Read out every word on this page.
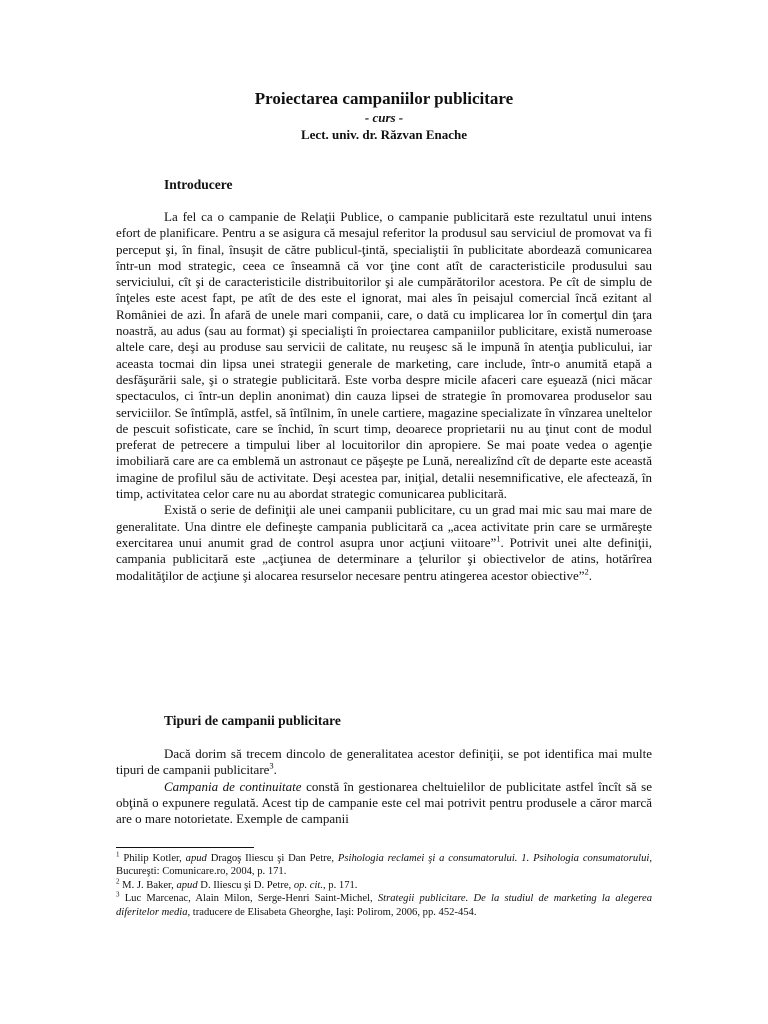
Proiectarea campaniilor publicitare
- curs -
Lect. univ. dr. Răzvan Enache
Introducere

La fel ca o campanie de Relaţii Publice, o campanie publicitară este rezultatul unui intens efort de planificare. Pentru a se asigura că mesajul referitor la produsul sau serviciul de promovat va fi perceput şi, în final, însuşit de către publicul-ţintă, specialiştii în publicitate abordează comunicarea într-un mod strategic, ceea ce înseamnă că vor ţine cont atît de caracteristicile produsului sau serviciului, cît şi de caracteristicile distribuitorilor şi ale cumpărătorilor acestora. Pe cît de simplu de înţeles este acest fapt, pe atît de des este el ignorat, mai ales în peisajul comercial încă ezitant al României de azi. În afară de unele mari companii, care, o dată cu implicarea lor în comerţul din ţara noastră, au adus (sau au format) şi specialişti în proiectarea campaniilor publicitare, există numeroase altele care, deşi au produse sau servicii de calitate, nu reuşesc să le impună în atenţia publicului, iar aceasta tocmai din lipsa unei strategii generale de marketing, care include, într-o anumită etapă a desfăşurării sale, şi o strategie publicitară. Este vorba despre micile afaceri care eşuează (nici măcar spectaculos, ci într-un deplin anonimat) din cauza lipsei de strategie în promovarea produselor sau serviciilor. Se întîmplă, astfel, să întîlnim, în unele cartiere, magazine specializate în vînzarea uneltelor de pescuit sofisticate, care se închid, în scurt timp, deoarece proprietarii nu au ţinut cont de modul preferat de petrecere a timpului liber al locuitorilor din apropiere. Se mai poate vedea o agenţie imobiliară care are ca emblemă un astronaut ce păşeşte pe Lună, nerealizînd cît de departe este această imagine de profilul său de activitate. Deşi acestea par, iniţial, detalii nesemnificative, ele afectează, în timp, activitatea celor care nu au abordat strategic comunicarea publicitară.

Există o serie de definiţii ale unei campanii publicitare, cu un grad mai mic sau mai mare de generalitate. Una dintre ele defineşte campania publicitară ca „acea activitate prin care se urmăreşte exercitarea unui anumit grad de control asupra unor acţiuni viitoare”$^1$. Potrivit unei alte definiţii, campania publicitară este „acţiunea de determinare a ţelurilor şi obiectivelor de atins, hotărîrea modalităţilor de acţiune şi alocarea resurselor necesare pentru atingerea acestor obiective”$^2$.

Tipuri de campanii publicitare

Dacă dorim să trecem dincolo de generalitatea acestor definiţii, se pot identifica mai multe tipuri de campanii publicitare$^3$.

Campania de continuitate constă în gestionarea cheltuielilor de publicitate astfel încît să se obţină o expunere regulată. Acest tip de campanie este cel mai potrivit pentru produsele a căror marcă are o mare notorietate. Exemple de campanii

$^1$ Philip Kotler, apud Dragoş Iliescu şi Dan Petre, Psihologia reclamei şi a consumatorului. 1. Psihologia consumatorului, Bucureşti: Comunicare.ro, 2004, p. 171.

$^2$ M. J. Baker, apud D. Iliescu şi D. Petre, op. cit., p. 171.

$^3$ Luc Marcenac, Alain Milon, Serge-Henri Saint-Michel, Strategii publicitare. De la studiul de marketing la alegerea diferitelor media, traducere de Elisabeta Gheorghe, Iaşi: Polirom, 2006, pp. 452-454.
